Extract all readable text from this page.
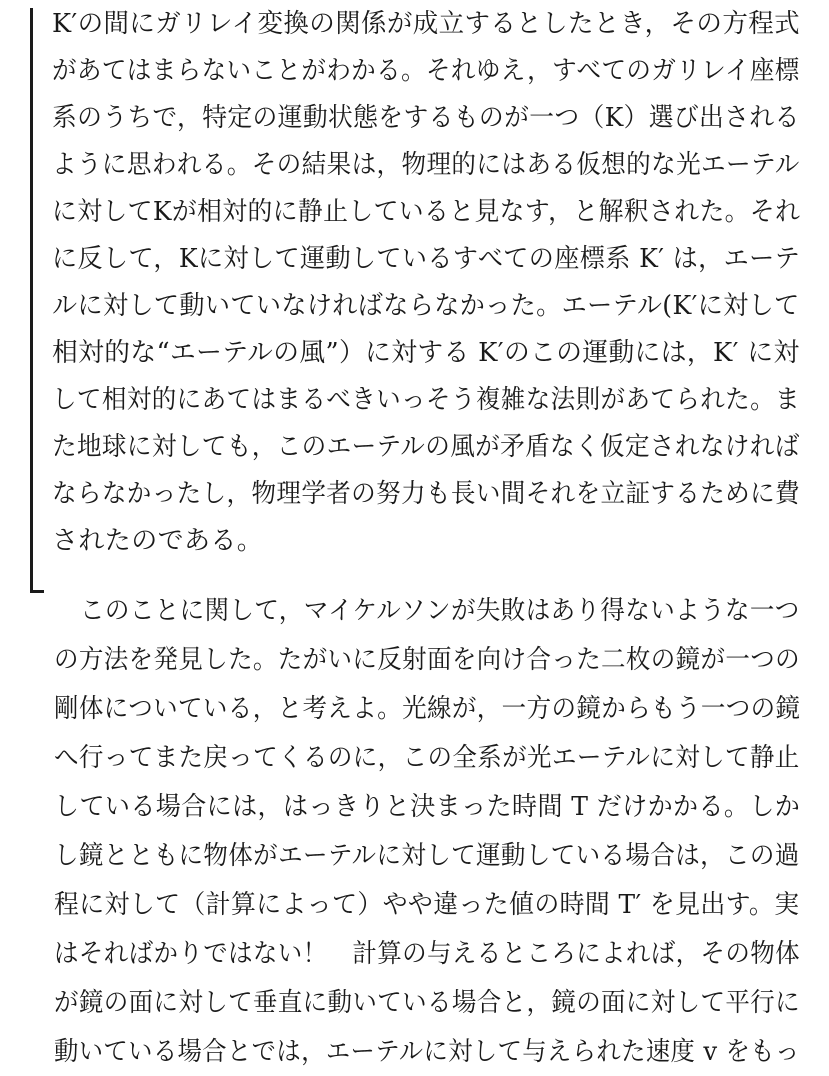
K′の間にガリレイ変換の関係が成立するとしたとき，その方程式
があてはまらないことがわかる。それゆえ，すべてのガリレイ座標
系のうちで，特定の運動状態をするものが一つ（K）選び出される
ように思われる。その結果は，物理的にはある仮想的な光エーテル
に対してKが相対的に静止していると見なす，と解釈された。それ
に反して，Kに対して運動しているすべての座標系 K′ は，エーテ
ルに対して動いていなければならなかった。エーテル(K′に対して
相対的な“エーテルの風”）に対する K′のこの運動には，K′ に対
して相対的にあてはまるべきいっそう複雑な法則があてられた。ま
た地球に対しても，このエーテルの風が矛盾なく仮定されなければ
ならなかったし，物理学者の努力も長い間それを立証するために費
されたのである。
このことに関して，マイケルソンが失敗はあり得ないような一つ
の方法を発見した。たがいに反射面を向け合った二枚の鏡が一つの
剛体についている，と考えよ。光線が，一方の鏡からもう一つの鏡
へ行ってまた戻ってくるのに，この全系が光エーテルに対して静止
している場合には，はっきりと決まった時間 T だけかかる。しか
し鏡とともに物体がエーテルに対して運動している場合は，この過
程に対して（計算によって）やや違った値の時間 T′ を見出す。実
はそればかりではない！　計算の与えるところによれば，その物体
が鏡の面に対して垂直に動いている場合と，鏡の面に対して平行に
動いている場合とでは，エーテルに対して与えられた速度 v をもっ
